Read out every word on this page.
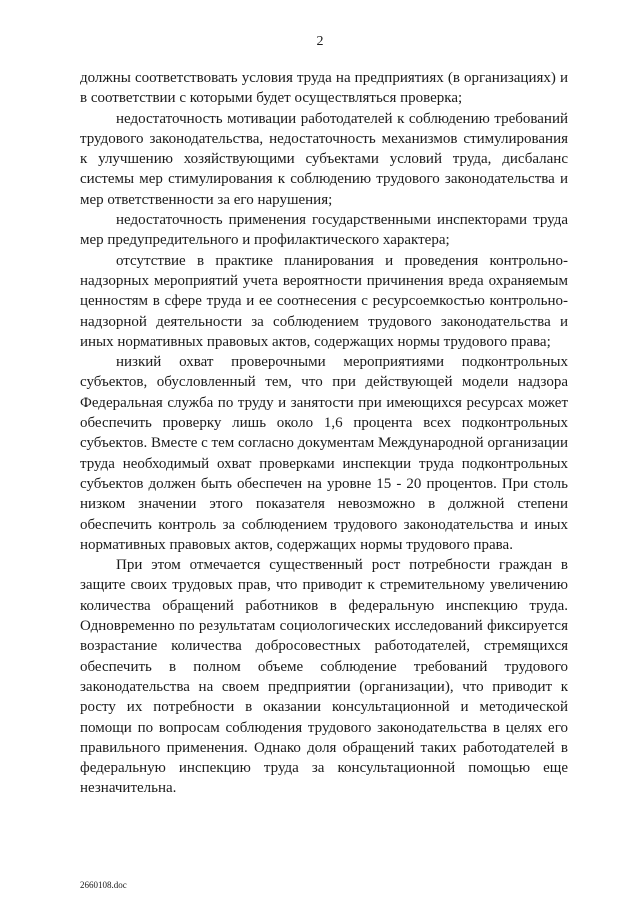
2

должны соответствовать условия труда на предприятиях (в организациях) и в соответствии с которыми будет осуществляться проверка;

недостаточность мотивации работодателей к соблюдению требований трудового законодательства, недостаточность механизмов стимулирования к улучшению хозяйствующими субъектами условий труда, дисбаланс системы мер стимулирования к соблюдению трудового законодательства и мер ответственности за его нарушения;

недостаточность применения государственными инспекторами труда мер предупредительного и профилактического характера;

отсутствие в практике планирования и проведения контрольно-надзорных мероприятий учета вероятности причинения вреда охраняемым ценностям в сфере труда и ее соотнесения с ресурсоемкостью контрольно-надзорной деятельности за соблюдением трудового законодательства и иных нормативных правовых актов, содержащих нормы трудового права;

низкий охват проверочными мероприятиями подконтрольных субъектов, обусловленный тем, что при действующей модели надзора Федеральная служба по труду и занятости при имеющихся ресурсах может обеспечить проверку лишь около 1,6 процента всех подконтрольных субъектов. Вместе с тем согласно документам Международной организации труда необходимый охват проверками инспекции труда подконтрольных субъектов должен быть обеспечен на уровне 15 - 20 процентов. При столь низком значении этого показателя невозможно в должной степени обеспечить контроль за соблюдением трудового законодательства и иных нормативных правовых актов, содержащих нормы трудового права.

При этом отмечается существенный рост потребности граждан в защите своих трудовых прав, что приводит к стремительному увеличению количества обращений работников в федеральную инспекцию труда. Одновременно по результатам социологических исследований фиксируется возрастание количества добросовестных работодателей, стремящихся обеспечить в полном объеме соблюдение требований трудового законодательства на своем предприятии (организации), что приводит к росту их потребности в оказании консультационной и методической помощи по вопросам соблюдения трудового законодательства в целях его правильного применения. Однако доля обращений таких работодателей в федеральную инспекцию труда за консультационной помощью еще незначительна.

2660108.doc
